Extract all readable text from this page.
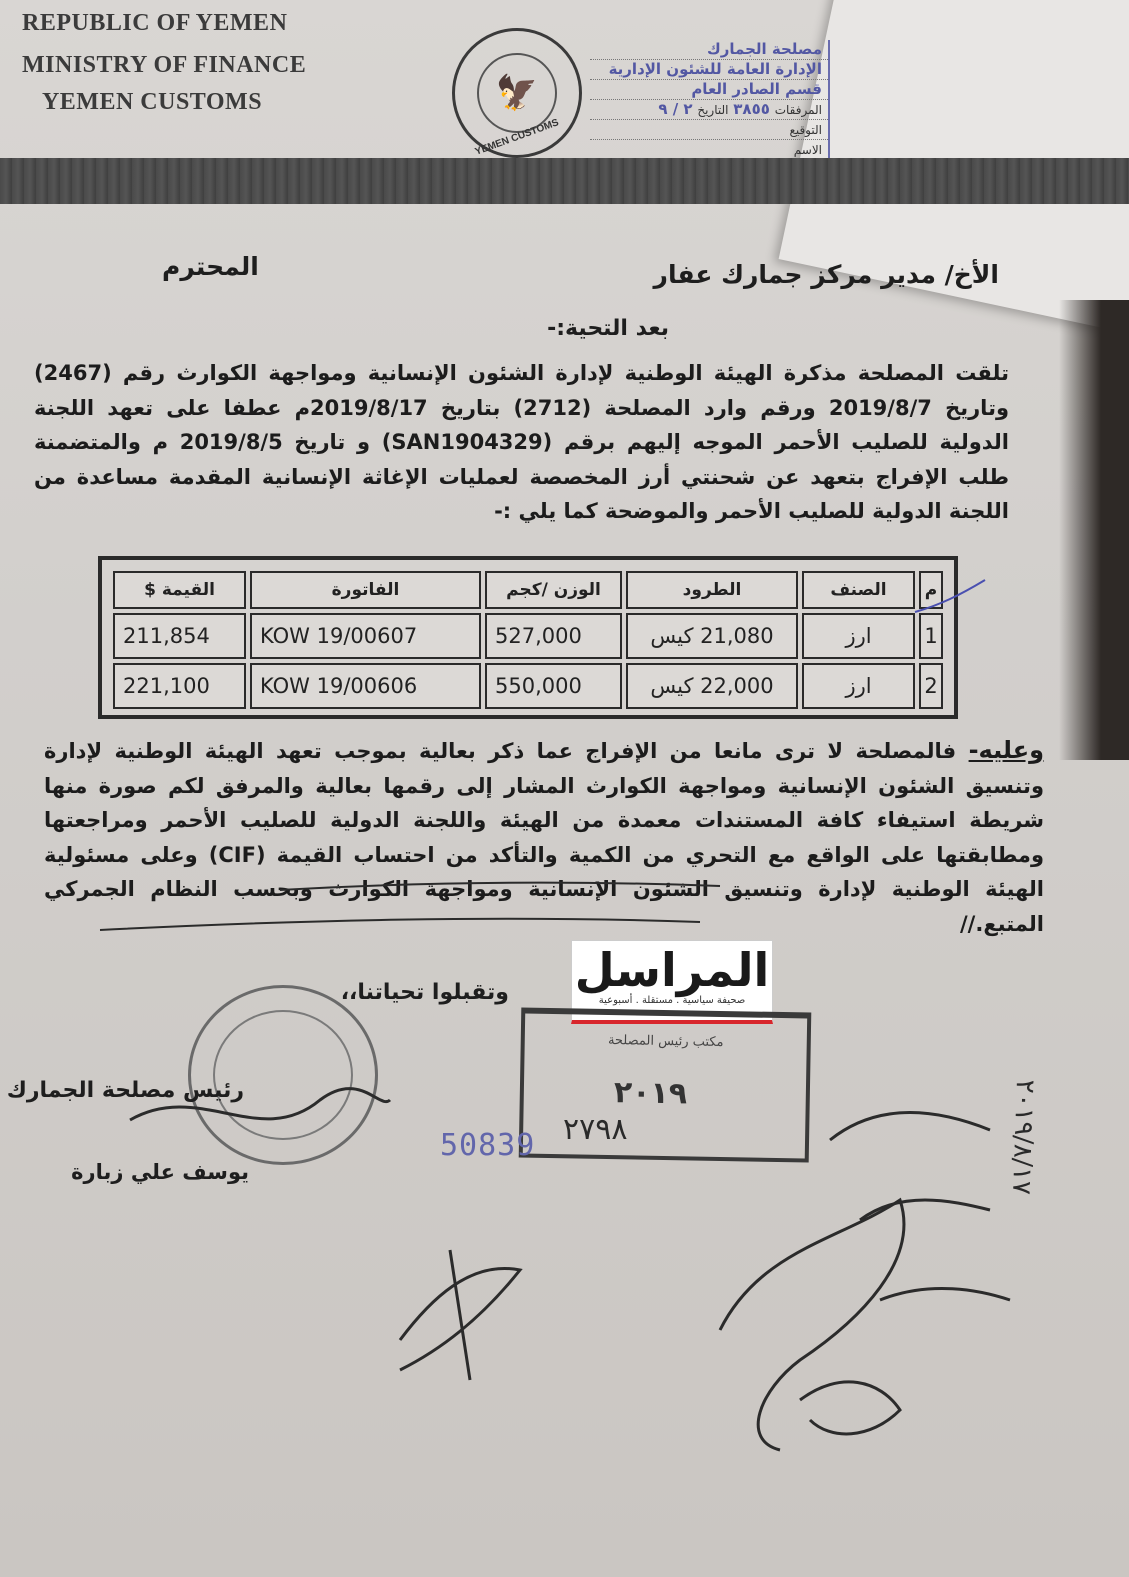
REPUBLIC OF YEMEN
MINISTRY OF FINANCE
YEMEN CUSTOMS	🦅
YEMEN CUSTOMS
مصلحة الجمارك
الإدارة العامة للشئون الإدارية
قسم الصادر العام
المرفقات ٣٨٥٥ التاريخ ٢ / ٩
التوقيع
الاسم
الأخ/ مدير مركز جمارك عفار
المحترم
بعد التحية:-
تلقت المصلحة مذكرة الهيئة الوطنية لإدارة الشئون الإنسانية ومواجهة الكوارث رقم (2467) وتاريخ 2019/8/7 ورقم وارد المصلحة (2712) بتاريخ 2019/8/17م عطفا على تعهد اللجنة الدولية للصليب الأحمر الموجه إليهم برقم (SAN1904329) و تاريخ 2019/8/5 م والمتضمنة طلب الإفراج بتعهد عن شحنتي أرز المخصصة لعمليات الإغاثة الإنسانية المقدمة مساعدة من اللجنة الدولية للصليب الأحمر والموضحة كما يلي :-
م	الصنف	الطرود	الوزن /كجم	الفاتورة	القيمة $
1	ارز	21,080 كيس	527,000	KOW 19/00607	211,854
2	ارز	22,000 كيس	550,000	KOW 19/00606	221,100
وعليه- فالمصلحة لا ترى مانعا من الإفراج عما ذكر بعالية بموجب تعهد الهيئة الوطنية لإدارة وتنسيق الشئون الإنسانية ومواجهة الكوارث المشار إلى رقمها بعالية والمرفق لكم صورة منها شريطة استيفاء كافة المستندات معمدة من الهيئة واللجنة الدولية للصليب الأحمر ومراجعتها ومطابقتها على الواقع مع التحري من الكمية والتأكد من احتساب القيمة (CIF) وعلى مسئولية الهيئة الوطنية لإدارة وتنسيق الشئون الإنسانية ومواجهة الكوارث وبحسب النظام الجمركي المتبع.//
المراسل
صحيفة سياسية . مستقلة . أسبوعية
مكتب رئيس المصلحة
٢٠١٩
وتقبلوا تحياتنا،،
رئيس مصلحة الجمارك
يوسف علي زبارة
50839 ٢٧٩٨	٢٠١٩/٨/١٧
